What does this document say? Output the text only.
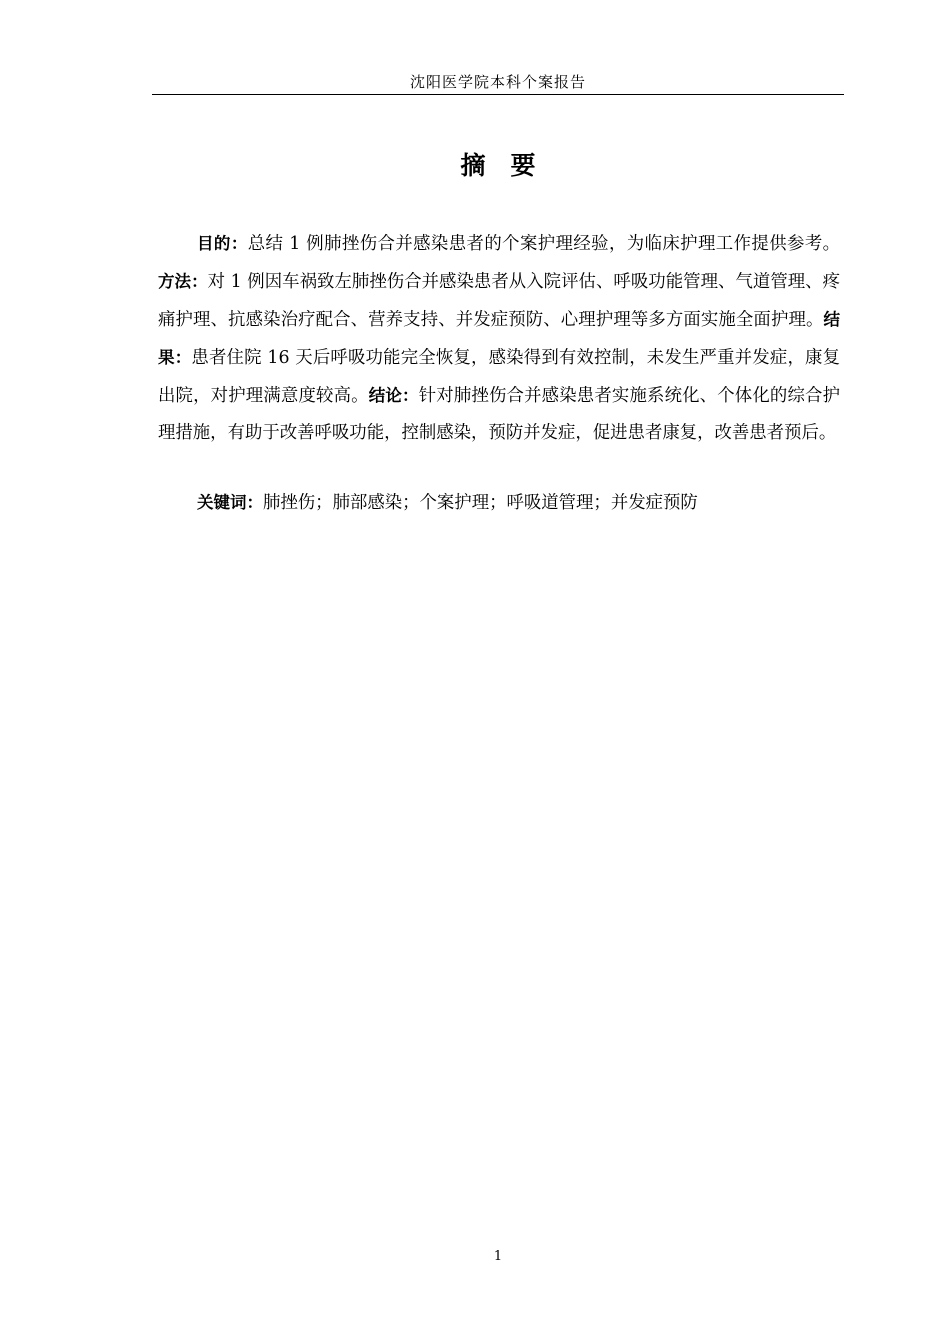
沈阳医学院本科个案报告
摘　要

目的：总结 1 例肺挫伤合并感染患者的个案护理经验，为临床护理工作提供参考。方法：对 1 例因车祸致左肺挫伤合并感染患者从入院评估、呼吸功能管理、气道管理、疼痛护理、抗感染治疗配合、营养支持、并发症预防、心理护理等多方面实施全面护理。结果：患者住院 16 天后呼吸功能完全恢复，感染得到有效控制，未发生严重并发症，康复出院，对护理满意度较高。结论：针对肺挫伤合并感染患者实施系统化、个体化的综合护理措施，有助于改善呼吸功能，控制感染，预防并发症，促进患者康复，改善患者预后。

关键词：肺挫伤；肺部感染；个案护理；呼吸道管理；并发症预防

1
